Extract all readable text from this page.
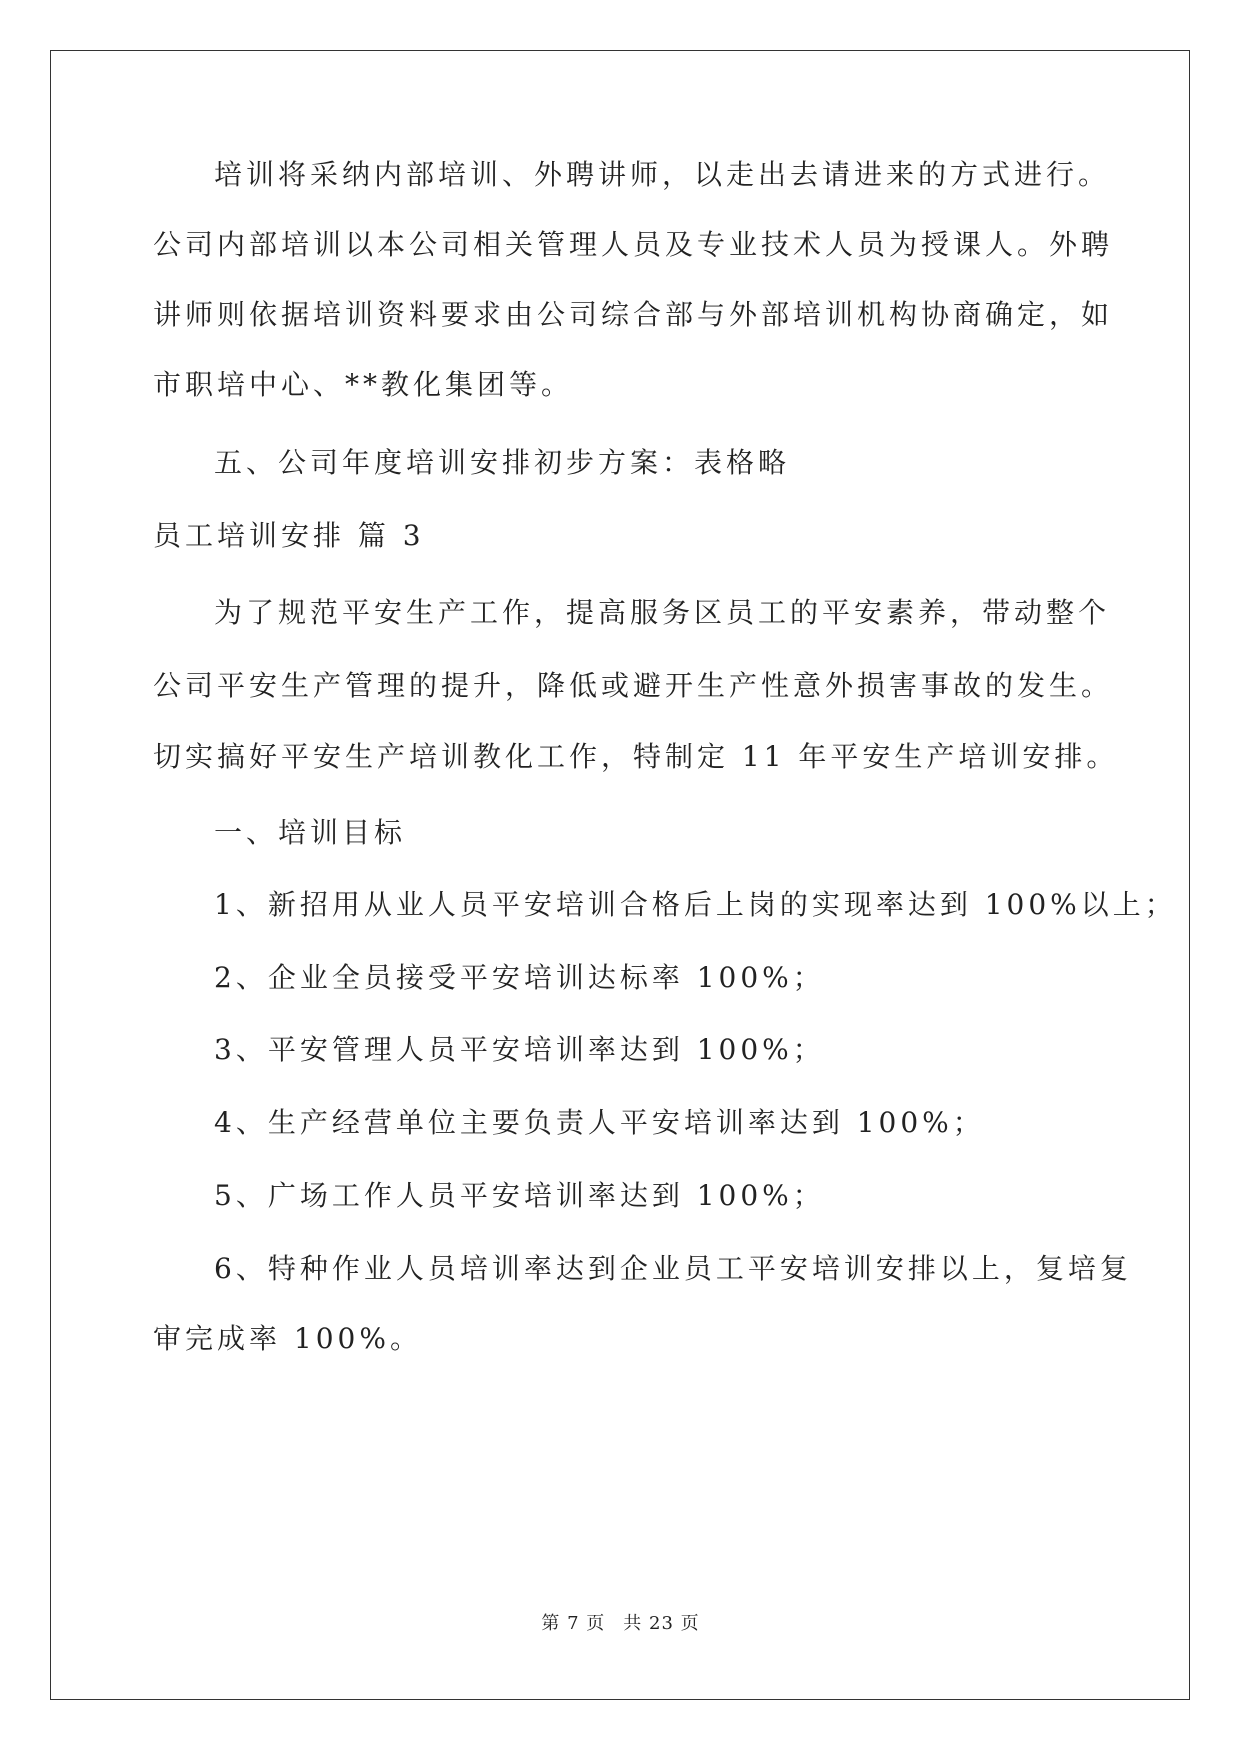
培训将采纳内部培训、外聘讲师，以走出去请进来的方式进行。
公司内部培训以本公司相关管理人员及专业技术人员为授课人。外聘
讲师则依据培训资料要求由公司综合部与外部培训机构协商确定，如
市职培中心、**教化集团等。
五、公司年度培训安排初步方案：表格略
员工培训安排 篇 3
为了规范平安生产工作，提高服务区员工的平安素养，带动整个
公司平安生产管理的提升，降低或避开生产性意外损害事故的发生。
切实搞好平安生产培训教化工作，特制定 11 年平安生产培训安排。
一、培训目标
1、新招用从业人员平安培训合格后上岗的实现率达到 100%以上；
2、企业全员接受平安培训达标率 100%；
3、平安管理人员平安培训率达到 100%；
4、生产经营单位主要负责人平安培训率达到 100%；
5、广场工作人员平安培训率达到 100%；
6、特种作业人员培训率达到企业员工平安培训安排以上，复培复
审完成率 100%。
第 7 页 共 23 页
